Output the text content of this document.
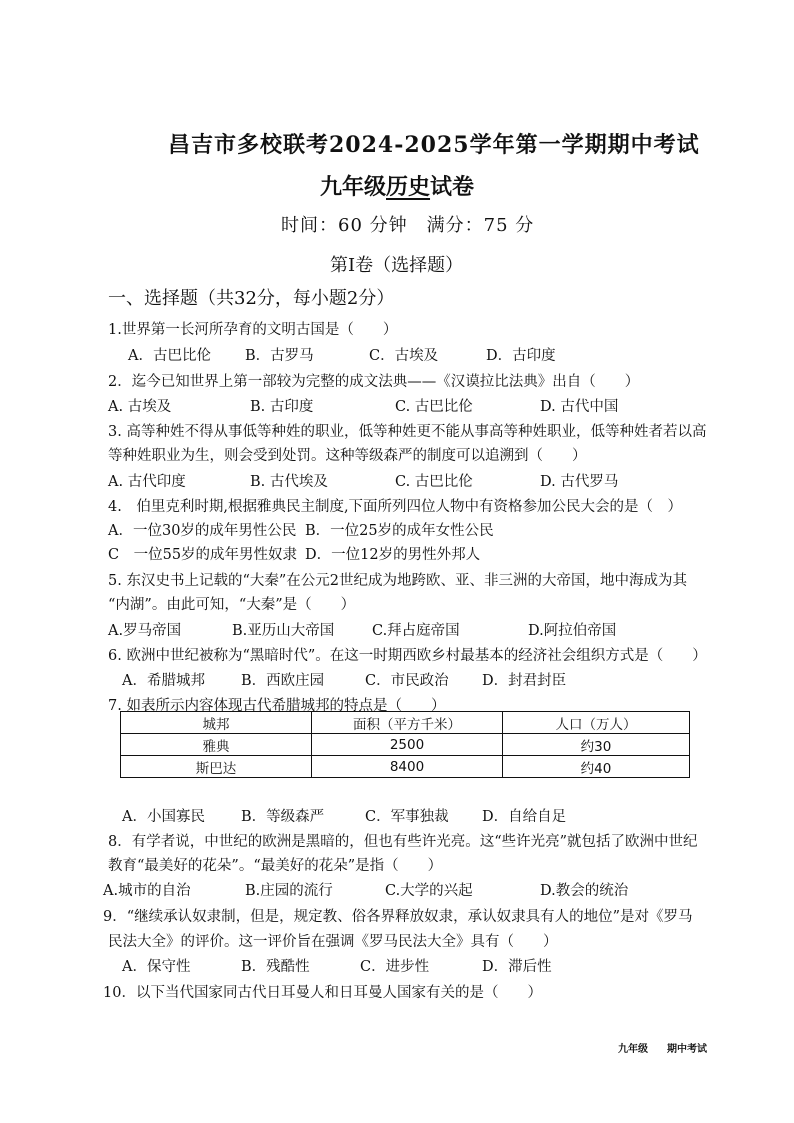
昌吉市多校联考2024-2025学年第一学期期中考试
九年级历史试卷
时间：60 分钟　满分：75 分
第Ⅰ卷（选择题）
一、选择题（共32分，每小题2分）
1.世界第一长河所孕育的文明古国是（　　）
A．古巴比伦 B．古罗马	C．古埃及	D．古印度
2．迄今已知世界上第一部较为完整的成文法典——《汉谟拉比法典》出自（　　）
A. 古埃及	B. 古印度	C. 古巴比伦	D. 古代中国
3. 高等种姓不得从事低等种姓的职业，低等种姓更不能从事高等种姓职业，低等种姓者若以高
等种姓职业为生，则会受到处罚。这种等级森严的制度可以追溯到（　　）
A. 古代印度	B. 古代埃及	C. 古巴比伦	D. 古代罗马
4.　伯里克利时期,根据雅典民主制度,下面所列四位人物中有资格参加公民大会的是（　）
A．一位30岁的成年男性公民 B．一位25岁的成年女性公民
C　一位55岁的成年男性奴隶 D．一位12岁的男性外邦人
5. 东汉史书上记载的“大秦”在公元2世纪成为地跨欧、亚、非三洲的大帝国，地中海成为其
“内湖”。由此可知，“大秦”是（　　）
A.罗马帝国	B.亚历山大帝国	C.拜占庭帝国	D.阿拉伯帝国
6. 欧洲中世纪被称为“黑暗时代”。在这一时期西欧乡村最基本的经济社会组织方式是（　　）
A．希腊城邦 B．西欧庄园	C．市民政治 D．封君封臣
7. 如表所示内容体现古代希腊城邦的特点是（　　）
城邦	面积（平方千米）	人口（万人）
雅典	2500	约30
斯巴达	8400	约40
A．小国寡民 B．等级森严	C．军事独裁 D．自给自足
8．有学者说，中世纪的欧洲是黑暗的，但也有些许光亮。这“些许光亮”就包括了欧洲中世纪
教育“最美好的花朵”。“最美好的花朵”是指（　　）
A.城市的自治	B.庄园的流行	C.大学的兴起	D.教会的统治
9．“继续承认奴隶制，但是，规定教、俗各界释放奴隶，承认奴隶具有人的地位”是对《罗马
民法大全》的评价。这一评价旨在强调《罗马民法大全》具有（　　）
A．保守性	B．残酷性	C．进步性	D．滞后性
10．以下当代国家同古代日耳曼人和日耳曼人国家有关的是（　　）
九年级 期中考试
